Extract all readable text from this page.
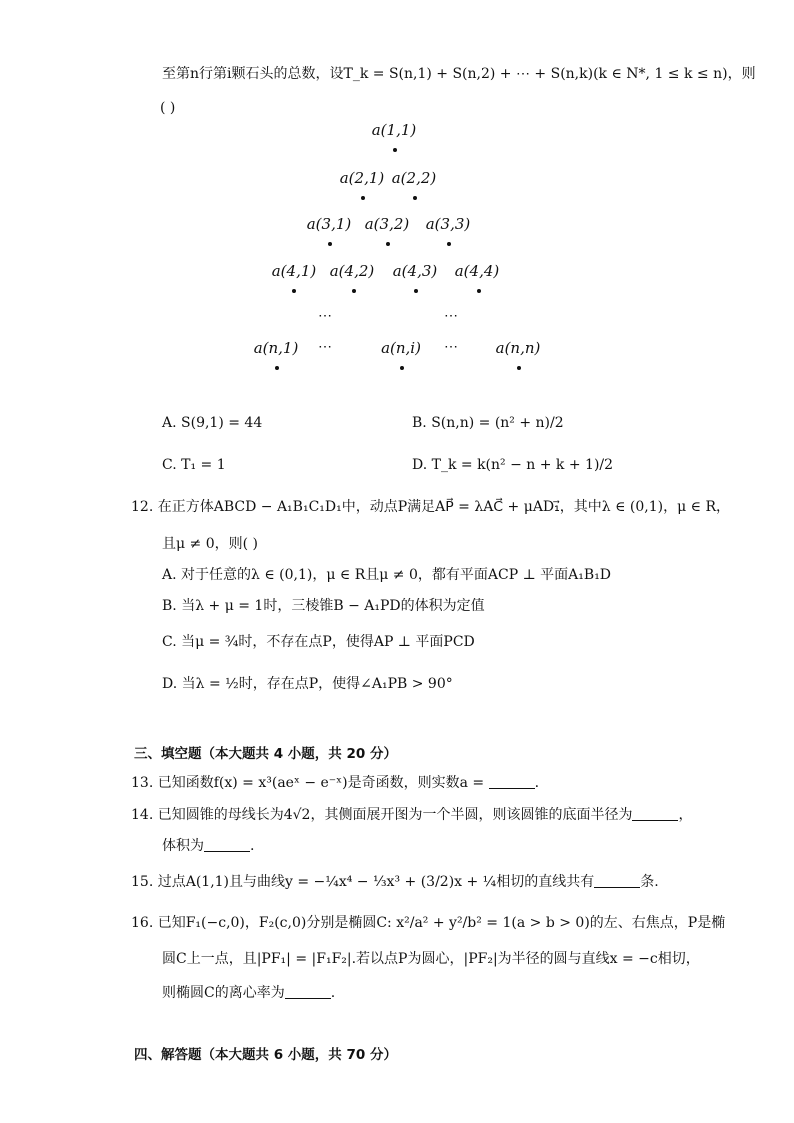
至第n行第i颗石头的总数，设T_k = S(n,1) + S(n,2) + ⋯ + S(n,k)(k ∈ N*, 1 ≤ k ≤ n)，则
( )
a(1,1)
a(2,1) a(2,2)
a(3,1) a(3,2)	a(3,3)
a(4,1) a(4,2)	a(4,3)	a(4,4)
⋯	⋯
a(n,1)	⋯	a(n,i)	⋯	a(n,n)
A. S(9,1) = 44	B. S(n,n) = (n² + n)/2
C. T₁ = 1	D. T_k = k(n² − n + k + 1)/2
12. 在正方体ABCD − A₁B₁C₁D₁中，动点P满足AP⃗ = λAC⃗ + μAD₁⃗，其中λ ∈ (0,1)，μ ∈ R，
且μ ≠ 0，则( )
A. 对于任意的λ ∈ (0,1)，μ ∈ R且μ ≠ 0，都有平面ACP ⊥ 平面A₁B₁D
B. 当λ + μ = 1时，三棱锥B − A₁PD的体积为定值
C. 当μ = ¾时，不存在点P，使得AP ⊥ 平面PCD
D. 当λ = ½时，存在点P，使得∠A₁PB > 90°
三、填空题（本大题共 4 小题，共 20 分）
13. 已知函数f(x) = x³(aeˣ − e⁻ˣ)是奇函数，则实数a =	.
14. 已知圆锥的母线长为4√2，其侧面展开图为一个半圆，则该圆锥的底面半径为	，
体积为	.
15. 过点A(1,1)且与曲线y = −¼x⁴ − ⅓x³ + (3/2)x + ¼相切的直线共有	条.
16. 已知F₁(−c,0)，F₂(c,0)分别是椭圆C: x²/a² + y²/b² = 1(a > b > 0)的左、右焦点，P是椭
圆C上一点，且|PF₁| = |F₁F₂|.若以点P为圆心，|PF₂|为半径的圆与直线x = −c相切，
则椭圆C的离心率为	.
四、解答题（本大题共 6 小题，共 70 分）
